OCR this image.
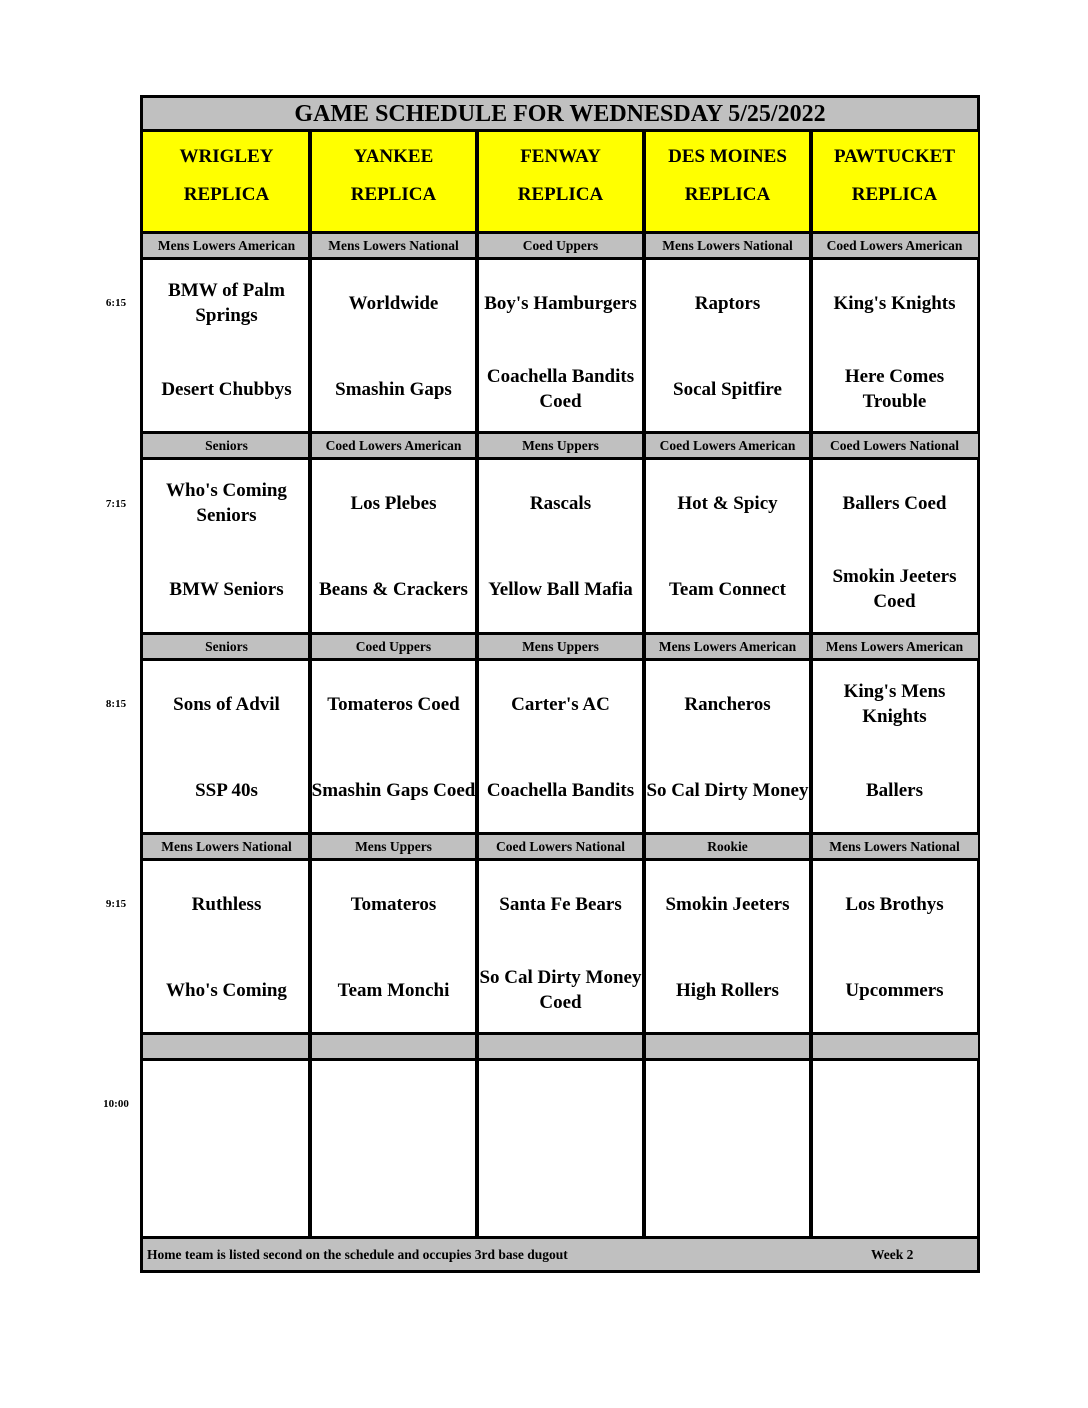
6:15
7:15
8:15
9:15
10:00
GAME SCHEDULE FOR WEDNESDAY 5/25/2022
Home team is listed second on the schedule and occupies 3rd base dugout	Week 2
WRIGLEY
REPLICA
Mens Lowers American
BMW of Palm Springs
Desert Chubbys
Seniors
Who's Coming Seniors
BMW Seniors
Seniors
Sons of Advil
SSP 40s
Mens Lowers National
Ruthless
Who's Coming
YANKEE
REPLICA
Mens Lowers National
Worldwide
Smashin Gaps
Coed Lowers American
Los Plebes
Beans & Crackers
Coed Uppers
Tomateros Coed
Smashin Gaps Coed
Mens Uppers
Tomateros
Team Monchi
FENWAY
REPLICA
Coed Uppers
Boy's Hamburgers
Coachella Bandits Coed
Mens Uppers
Rascals
Yellow Ball Mafia
Mens Uppers
Carter's AC
Coachella Bandits
Coed Lowers National
Santa Fe Bears
So Cal Dirty Money Coed
DES MOINES
REPLICA
Mens Lowers National
Raptors
Socal Spitfire
Coed Lowers American
Hot & Spicy
Team Connect
Mens Lowers American
Rancheros
So Cal Dirty Money
Rookie
Smokin Jeeters
High Rollers
PAWTUCKET
REPLICA
Coed Lowers American
King's Knights
Here Comes Trouble
Coed Lowers National
Ballers Coed
Smokin Jeeters Coed
Mens Lowers American
King's Mens Knights
Ballers
Mens Lowers National
Los Brothys
Upcommers
